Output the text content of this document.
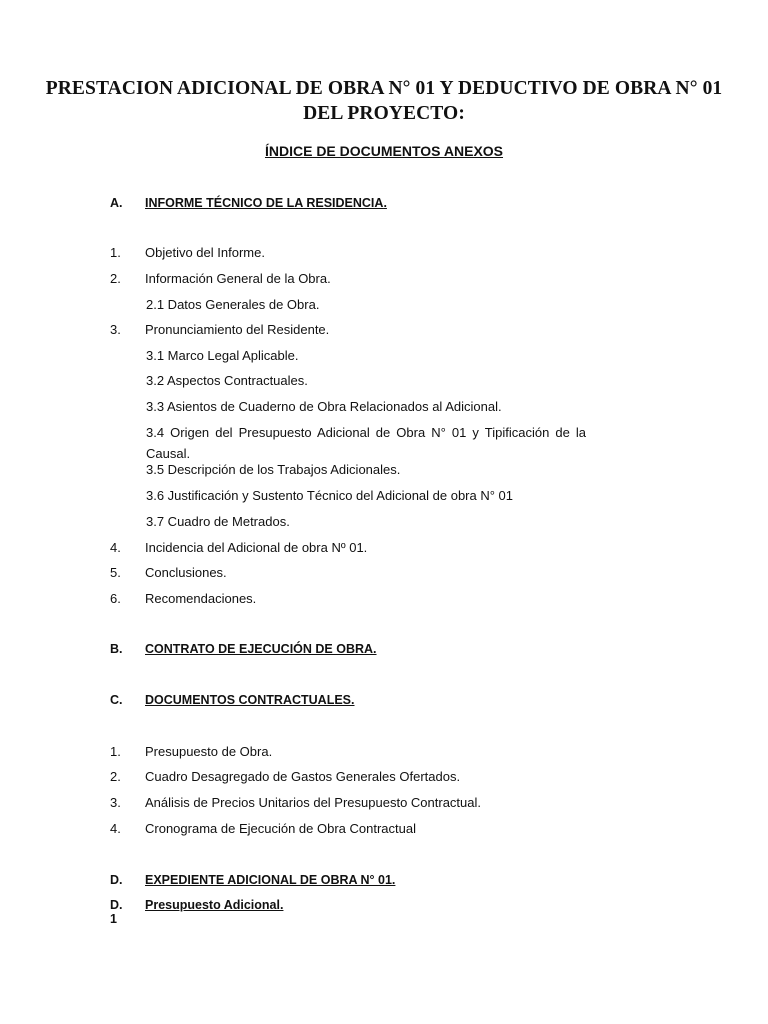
PRESTACION ADICIONAL DE OBRA N° 01 Y DEDUCTIVO DE OBRA N° 01 DEL PROYECTO:
ÍNDICE DE DOCUMENTOS ANEXOS
A. INFORME TÉCNICO DE LA RESIDENCIA.
1. Objetivo del Informe.
2. Información General de la Obra.
2.1 Datos Generales de Obra.
3. Pronunciamiento del Residente.
3.1 Marco Legal Aplicable.
3.2 Aspectos Contractuales.
3.3 Asientos de Cuaderno de Obra Relacionados al Adicional.
3.4 Origen del Presupuesto Adicional de Obra N° 01 y Tipificación de la Causal.
3.5 Descripción de los Trabajos Adicionales.
3.6 Justificación y Sustento Técnico del Adicional de obra N° 01
3.7 Cuadro de Metrados.
4. Incidencia del Adicional de obra Nº 01.
5. Conclusiones.
6. Recomendaciones.
B. CONTRATO DE EJECUCIÓN DE OBRA.
C. DOCUMENTOS CONTRACTUALES.
1. Presupuesto de Obra.
2. Cuadro Desagregado de Gastos Generales Ofertados.
3. Análisis de Precios Unitarios del Presupuesto Contractual.
4. Cronograma de Ejecución de Obra Contractual
D. EXPEDIENTE ADICIONAL DE OBRA N° 01.
D.
1
Presupuesto Adicional.
